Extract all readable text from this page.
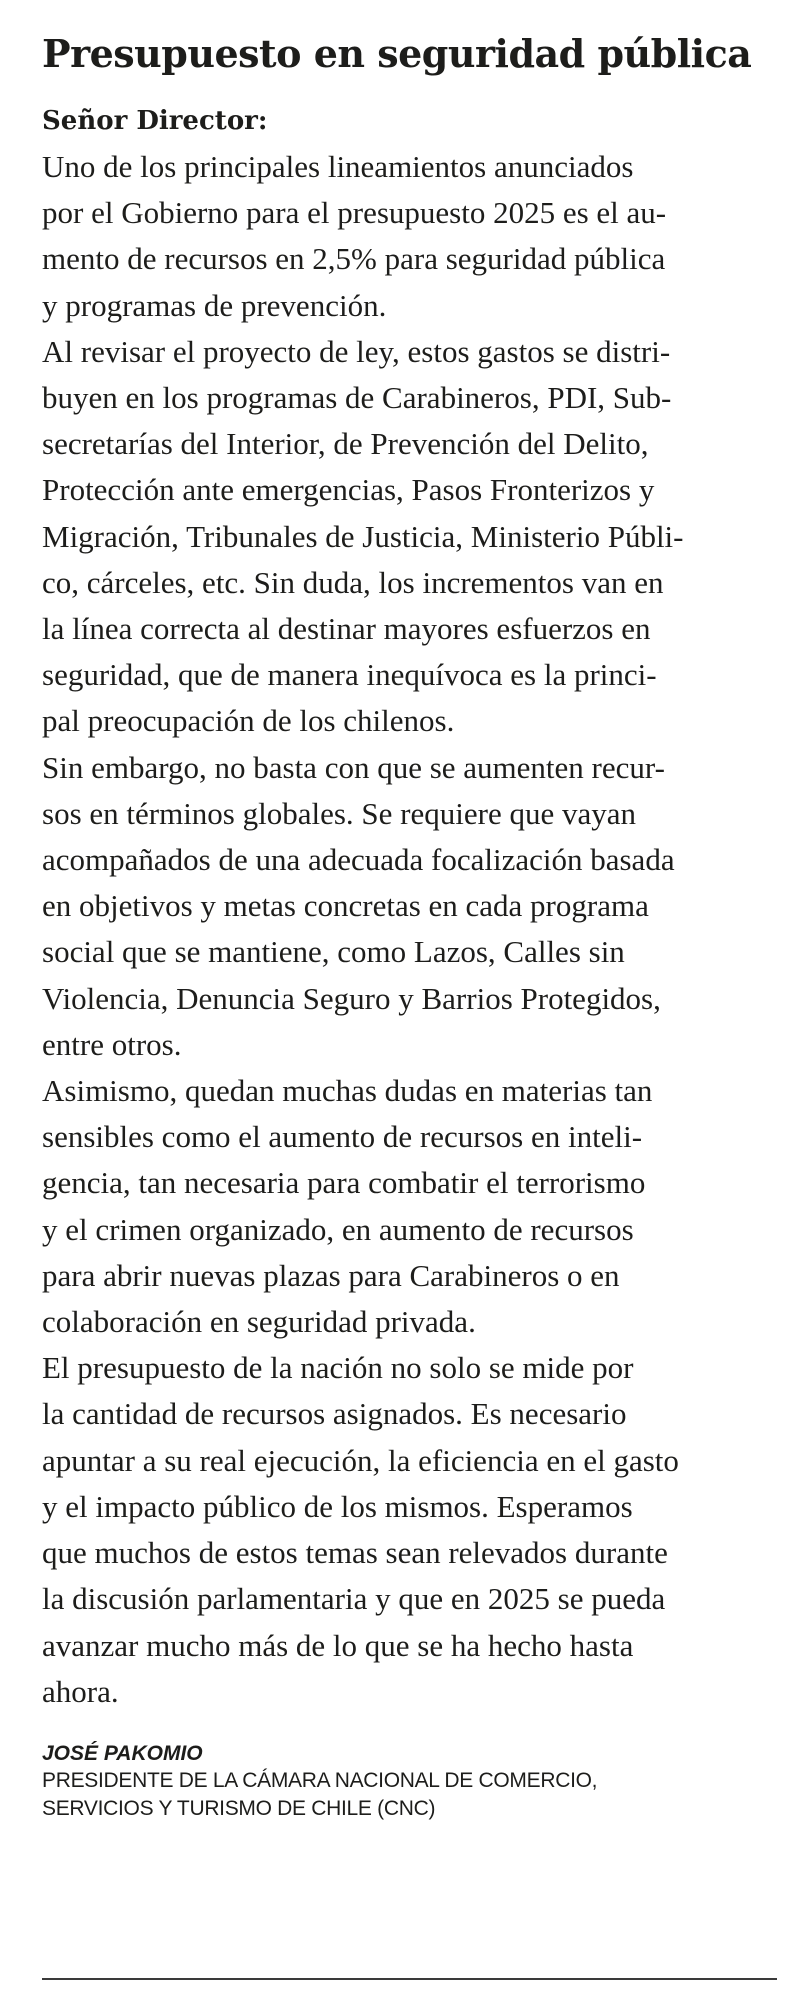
Presupuesto en seguridad pública

Señor Director:

Uno de los principales lineamientos anunciados

por el Gobierno para el presupuesto 2025 es el au-

mento de recursos en 2,5% para seguridad pública

y programas de prevención.

Al revisar el proyecto de ley, estos gastos se distri-

buyen en los programas de Carabineros, PDI, Sub-

secretarías del Interior, de Prevención del Delito,

Protección ante emergencias, Pasos Fronterizos y

Migración, Tribunales de Justicia, Ministerio Públi-

co, cárceles, etc. Sin duda, los incrementos van en

la línea correcta al destinar mayores esfuerzos en

seguridad, que de manera inequívoca es la princi-

pal preocupación de los chilenos.

Sin embargo, no basta con que se aumenten recur-

sos en términos globales. Se requiere que vayan

acompañados de una adecuada focalización basada

en objetivos y metas concretas en cada programa

social que se mantiene, como Lazos, Calles sin

Violencia, Denuncia Seguro y Barrios Protegidos,

entre otros.

Asimismo, quedan muchas dudas en materias tan

sensibles como el aumento de recursos en inteli-

gencia, tan necesaria para combatir el terrorismo

y el crimen organizado, en aumento de recursos

para abrir nuevas plazas para Carabineros o en

colaboración en seguridad privada.

El presupuesto de la nación no solo se mide por

la cantidad de recursos asignados. Es necesario

apuntar a su real ejecución, la eficiencia en el gasto

y el impacto público de los mismos. Esperamos

que muchos de estos temas sean relevados durante

la discusión parlamentaria y que en 2025 se pueda

avanzar mucho más de lo que se ha hecho hasta

ahora.

JOSÉ PAKOMIO

PRESIDENTE DE LA CÁMARA NACIONAL DE COMERCIO,

SERVICIOS Y TURISMO DE CHILE (CNC)
